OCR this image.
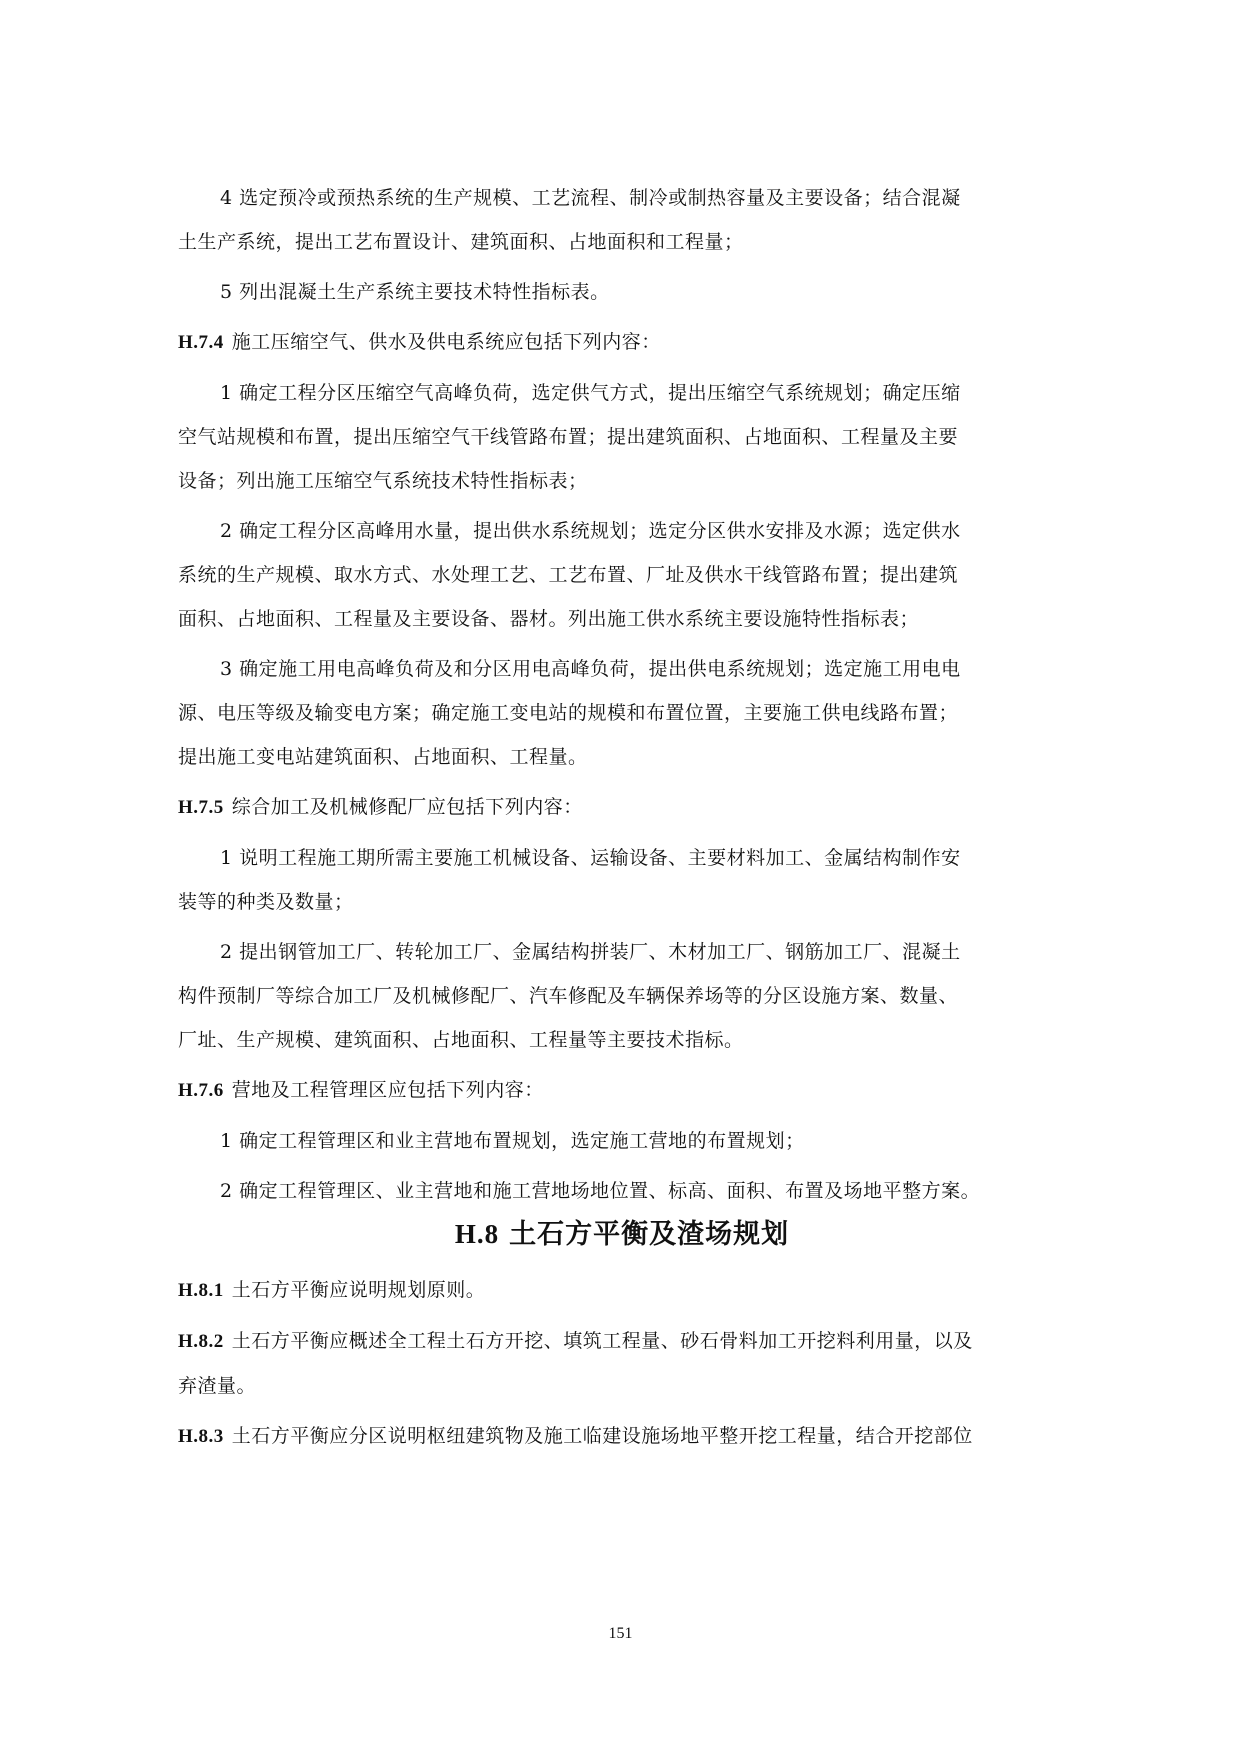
4 选定预冷或预热系统的生产规模、工艺流程、制冷或制热容量及主要设备；结合混凝
土生产系统，提出工艺布置设计、建筑面积、占地面积和工程量；
5 列出混凝土生产系统主要技术特性指标表。
H.7.4 施工压缩空气、供水及供电系统应包括下列内容：
1 确定工程分区压缩空气高峰负荷，选定供气方式，提出压缩空气系统规划；确定压缩
空气站规模和布置，提出压缩空气干线管路布置；提出建筑面积、占地面积、工程量及主要
设备；列出施工压缩空气系统技术特性指标表；
2 确定工程分区高峰用水量，提出供水系统规划；选定分区供水安排及水源；选定供水
系统的生产规模、取水方式、水处理工艺、工艺布置、厂址及供水干线管路布置；提出建筑
面积、占地面积、工程量及主要设备、器材。列出施工供水系统主要设施特性指标表；
3 确定施工用电高峰负荷及和分区用电高峰负荷，提出供电系统规划；选定施工用电电
源、电压等级及输变电方案；确定施工变电站的规模和布置位置，主要施工供电线路布置；
提出施工变电站建筑面积、占地面积、工程量。
H.7.5 综合加工及机械修配厂应包括下列内容：
1 说明工程施工期所需主要施工机械设备、运输设备、主要材料加工、金属结构制作安
装等的种类及数量；
2 提出钢管加工厂、转轮加工厂、金属结构拼装厂、木材加工厂、钢筋加工厂、混凝土
构件预制厂等综合加工厂及机械修配厂、汽车修配及车辆保养场等的分区设施方案、数量、
厂址、生产规模、建筑面积、占地面积、工程量等主要技术指标。
H.7.6 营地及工程管理区应包括下列内容：
1 确定工程管理区和业主营地布置规划，选定施工营地的布置规划；
2 确定工程管理区、业主营地和施工营地场地位置、标高、面积、布置及场地平整方案。
H.8 土石方平衡及渣场规划
H.8.1 土石方平衡应说明规划原则。
H.8.2 土石方平衡应概述全工程土石方开挖、填筑工程量、砂石骨料加工开挖料利用量，以及
弃渣量。
H.8.3 土石方平衡应分区说明枢纽建筑物及施工临建设施场地平整开挖工程量，结合开挖部位
151
